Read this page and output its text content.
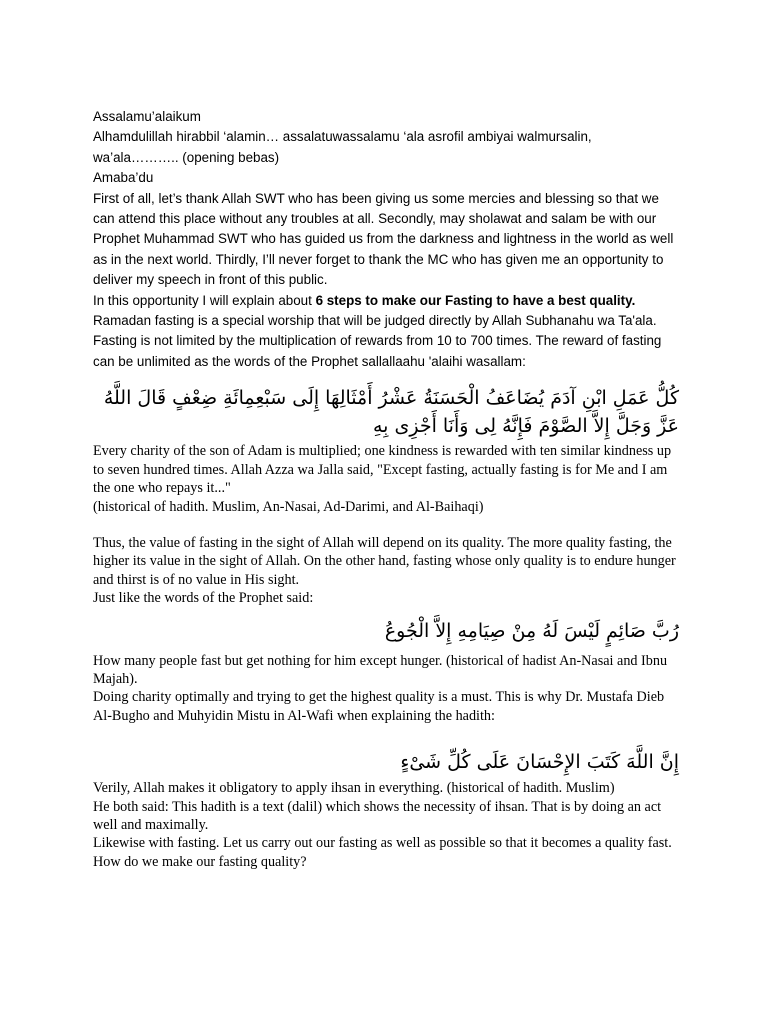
Assalamu’alaikum

Alhamdulillah hirabbil ‘alamin… assalatuwassalamu ‘ala asrofil ambiyai walmursalin, wa’ala……….. (opening bebas)

Amaba’du

First of all, let’s thank Allah SWT who has been giving us some mercies and blessing so that we can attend this place without any troubles at all. Secondly, may sholawat and salam be with our Prophet Muhammad SWT who has guided us from the darkness and lightness in the world as well as in the next world. Thirdly, I’ll never forget to thank the MC who has given me an opportunity to deliver my speech in front of this public.

In this opportunity I will explain about 6 steps to make our Fasting to have a best quality.

Ramadan fasting is a special worship that will be judged directly by Allah Subhanahu wa Ta'ala. Fasting is not limited by the multiplication of rewards from 10 to 700 times. The reward of fasting can be unlimited as the words of the Prophet sallallaahu 'alaihi wasallam:

كُلُّ عَمَلِ ابْنِ آدَمَ يُضَاعَفُ الْحَسَنَةُ عَشْرُ أَمْثَالِهَا إِلَى سَبْعِمِائَةِ ضِعْفٍ قَالَ اللَّهُ عَزَّ وَجَلَّ إِلاَّ الصَّوْمَ فَإِنَّهُ لِى وَأَنَا أَجْزِى بِهِ

Every charity of the son of Adam is multiplied; one kindness is rewarded with ten similar kindness up to seven hundred times. Allah Azza wa Jalla said, "Except fasting, actually fasting is for Me and I am the one who repays it..."

(historical of hadith. Muslim, An-Nasai, Ad-Darimi, and Al-Baihaqi)

Thus, the value of fasting in the sight of Allah will depend on its quality. The more quality fasting, the higher its value in the sight of Allah. On the other hand, fasting whose only quality is to endure hunger and thirst is of no value in His sight.

Just like the words of the Prophet said:

رُبَّ صَائِمٍ لَيْسَ لَهُ مِنْ صِيَامِهِ إِلاَّ الْجُوعُ

How many people fast but get nothing for him except hunger. (historical of hadist An-Nasai and Ibnu Majah).

Doing charity optimally and trying to get the highest quality is a must. This is why Dr. Mustafa Dieb Al-Bugho and Muhyidin Mistu in Al-Wafi when explaining the hadith:

إِنَّ اللَّهَ كَتَبَ الإِحْسَانَ عَلَى كُلِّ شَىْءٍ

Verily, Allah makes it obligatory to apply ihsan in everything. (historical of hadith. Muslim)

He both said: This hadith is a text (dalil) which shows the necessity of ihsan. That is by doing an act well and maximally.

Likewise with fasting. Let us carry out our fasting as well as possible so that it becomes a quality fast. How do we make our fasting quality?
